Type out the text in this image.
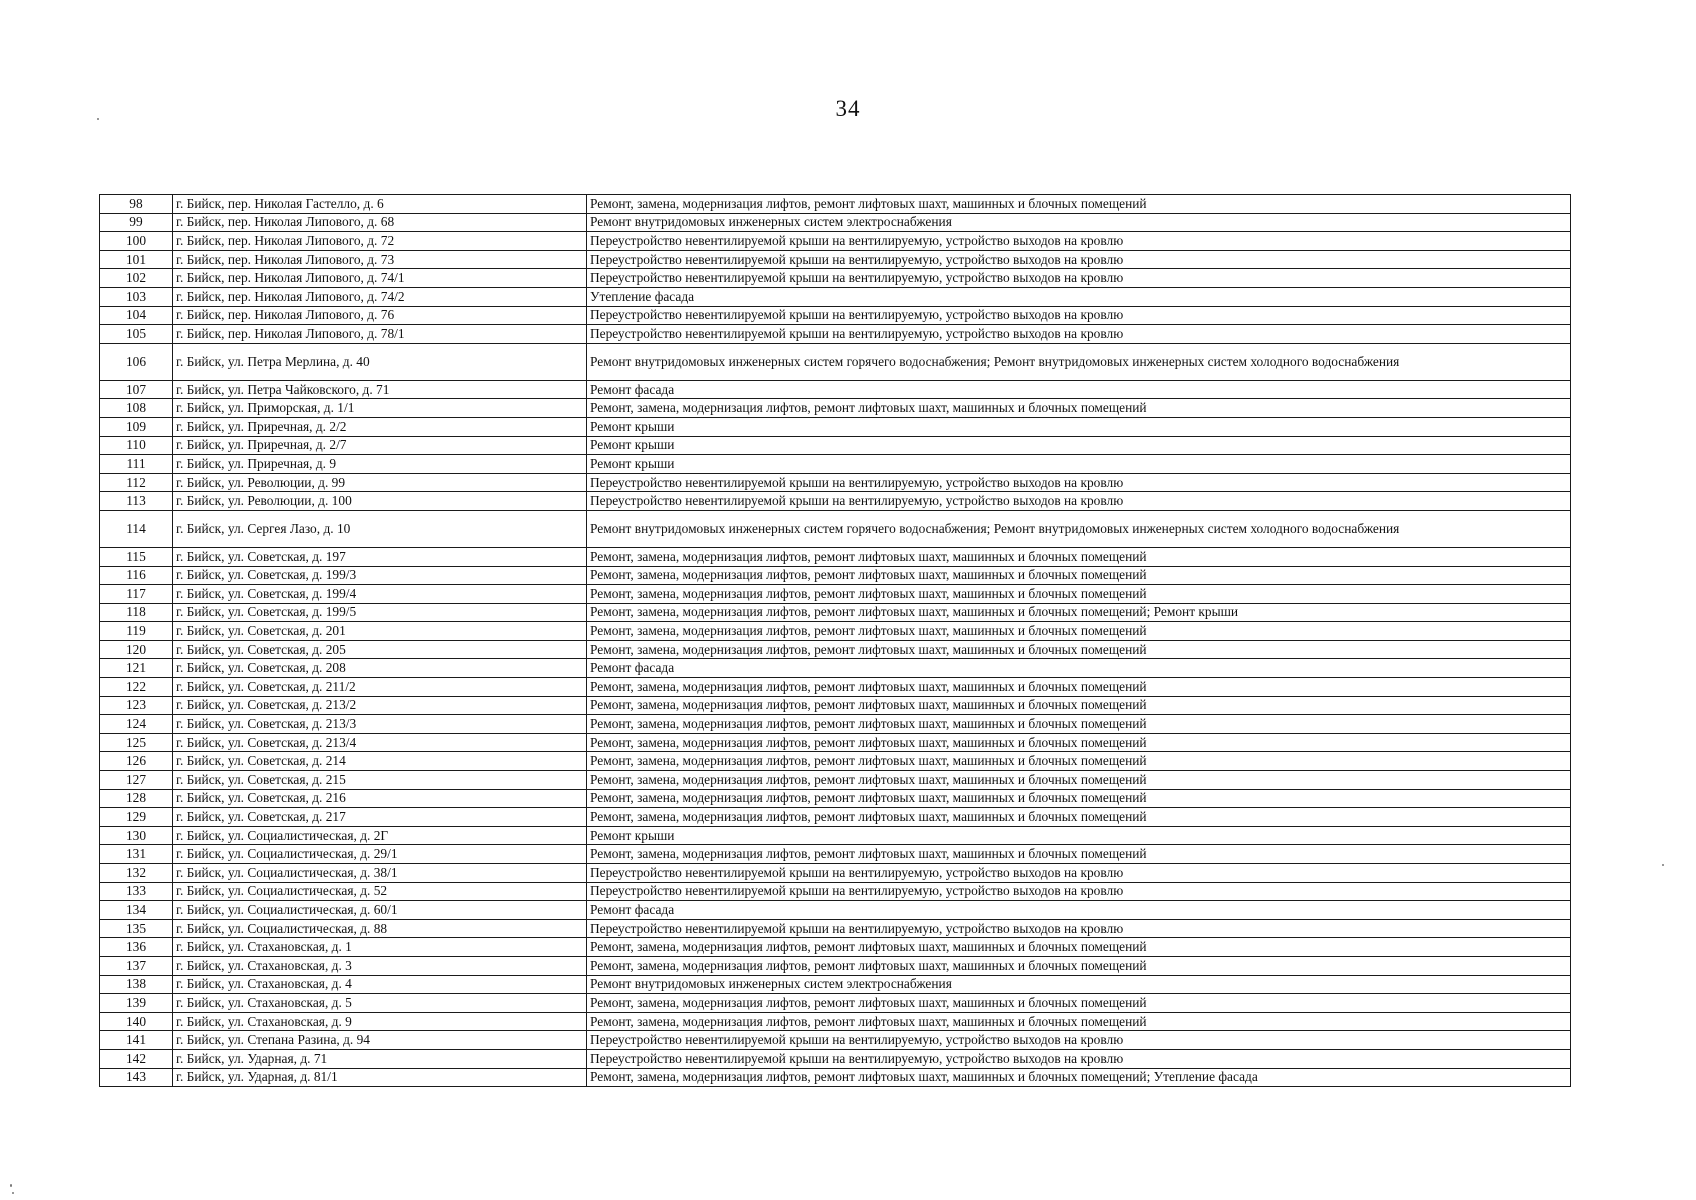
34
98	г. Бийск, пер. Николая Гастелло, д. 6	Ремонт, замена, модернизация лифтов, ремонт лифтовых шахт, машинных и блочных помещений
99	г. Бийск, пер. Николая Липового, д. 68	Ремонт внутридомовых инженерных систем электроснабжения
100	г. Бийск, пер. Николая Липового, д. 72	Переустройство невентилируемой крыши на вентилируемую, устройство выходов на кровлю
101	г. Бийск, пер. Николая Липового, д. 73	Переустройство невентилируемой крыши на вентилируемую, устройство выходов на кровлю
102	г. Бийск, пер. Николая Липового, д. 74/1	Переустройство невентилируемой крыши на вентилируемую, устройство выходов на кровлю
103	г. Бийск, пер. Николая Липового, д. 74/2	Утепление фасада
104	г. Бийск, пер. Николая Липового, д. 76	Переустройство невентилируемой крыши на вентилируемую, устройство выходов на кровлю
105	г. Бийск, пер. Николая Липового, д. 78/1	Переустройство невентилируемой крыши на вентилируемую, устройство выходов на кровлю
106	г. Бийск, ул. Петра Мерлина, д. 40	Ремонт внутридомовых инженерных систем горячего водоснабжения; Ремонт внутридомовых инженерных систем холодного водоснабжения
107	г. Бийск, ул. Петра Чайковского, д. 71	Ремонт фасада
108	г. Бийск, ул. Приморская, д. 1/1	Ремонт, замена, модернизация лифтов, ремонт лифтовых шахт, машинных и блочных помещений
109	г. Бийск, ул. Приречная, д. 2/2	Ремонт крыши
110	г. Бийск, ул. Приречная, д. 2/7	Ремонт крыши
111	г. Бийск, ул. Приречная, д. 9	Ремонт крыши
112	г. Бийск, ул. Революции, д. 99	Переустройство невентилируемой крыши на вентилируемую, устройство выходов на кровлю
113	г. Бийск, ул. Революции, д. 100	Переустройство невентилируемой крыши на вентилируемую, устройство выходов на кровлю
114	г. Бийск, ул. Сергея Лазо, д. 10	Ремонт внутридомовых инженерных систем горячего водоснабжения; Ремонт внутридомовых инженерных систем холодного водоснабжения
115	г. Бийск, ул. Советская, д. 197	Ремонт, замена, модернизация лифтов, ремонт лифтовых шахт, машинных и блочных помещений
116	г. Бийск, ул. Советская, д. 199/3	Ремонт, замена, модернизация лифтов, ремонт лифтовых шахт, машинных и блочных помещений
117	г. Бийск, ул. Советская, д. 199/4	Ремонт, замена, модернизация лифтов, ремонт лифтовых шахт, машинных и блочных помещений
118	г. Бийск, ул. Советская, д. 199/5	Ремонт, замена, модернизация лифтов, ремонт лифтовых шахт, машинных и блочных помещений; Ремонт крыши
119	г. Бийск, ул. Советская, д. 201	Ремонт, замена, модернизация лифтов, ремонт лифтовых шахт, машинных и блочных помещений
120	г. Бийск, ул. Советская, д. 205	Ремонт, замена, модернизация лифтов, ремонт лифтовых шахт, машинных и блочных помещений
121	г. Бийск, ул. Советская, д. 208	Ремонт фасада
122	г. Бийск, ул. Советская, д. 211/2	Ремонт, замена, модернизация лифтов, ремонт лифтовых шахт, машинных и блочных помещений
123	г. Бийск, ул. Советская, д. 213/2	Ремонт, замена, модернизация лифтов, ремонт лифтовых шахт, машинных и блочных помещений
124	г. Бийск, ул. Советская, д. 213/3	Ремонт, замена, модернизация лифтов, ремонт лифтовых шахт, машинных и блочных помещений
125	г. Бийск, ул. Советская, д. 213/4	Ремонт, замена, модернизация лифтов, ремонт лифтовых шахт, машинных и блочных помещений
126	г. Бийск, ул. Советская, д. 214	Ремонт, замена, модернизация лифтов, ремонт лифтовых шахт, машинных и блочных помещений
127	г. Бийск, ул. Советская, д. 215	Ремонт, замена, модернизация лифтов, ремонт лифтовых шахт, машинных и блочных помещений
128	г. Бийск, ул. Советская, д. 216	Ремонт, замена, модернизация лифтов, ремонт лифтовых шахт, машинных и блочных помещений
129	г. Бийск, ул. Советская, д. 217	Ремонт, замена, модернизация лифтов, ремонт лифтовых шахт, машинных и блочных помещений
130	г. Бийск, ул. Социалистическая, д. 2Г	Ремонт крыши
131	г. Бийск, ул. Социалистическая, д. 29/1	Ремонт, замена, модернизация лифтов, ремонт лифтовых шахт, машинных и блочных помещений
132	г. Бийск, ул. Социалистическая, д. 38/1	Переустройство невентилируемой крыши на вентилируемую, устройство выходов на кровлю
133	г. Бийск, ул. Социалистическая, д. 52	Переустройство невентилируемой крыши на вентилируемую, устройство выходов на кровлю
134	г. Бийск, ул. Социалистическая, д. 60/1	Ремонт фасада
135	г. Бийск, ул. Социалистическая, д. 88	Переустройство невентилируемой крыши на вентилируемую, устройство выходов на кровлю
136	г. Бийск, ул. Стахановская, д. 1	Ремонт, замена, модернизация лифтов, ремонт лифтовых шахт, машинных и блочных помещений
137	г. Бийск, ул. Стахановская, д. 3	Ремонт, замена, модернизация лифтов, ремонт лифтовых шахт, машинных и блочных помещений
138	г. Бийск, ул. Стахановская, д. 4	Ремонт внутридомовых инженерных систем электроснабжения
139	г. Бийск, ул. Стахановская, д. 5	Ремонт, замена, модернизация лифтов, ремонт лифтовых шахт, машинных и блочных помещений
140	г. Бийск, ул. Стахановская, д. 9	Ремонт, замена, модернизация лифтов, ремонт лифтовых шахт, машинных и блочных помещений
141	г. Бийск, ул. Степана Разина, д. 94	Переустройство невентилируемой крыши на вентилируемую, устройство выходов на кровлю
142	г. Бийск, ул. Ударная, д. 71	Переустройство невентилируемой крыши на вентилируемую, устройство выходов на кровлю
143	г. Бийск, ул. Ударная, д. 81/1	Ремонт, замена, модернизация лифтов, ремонт лифтовых шахт, машинных и блочных помещений; Утепление фасада
